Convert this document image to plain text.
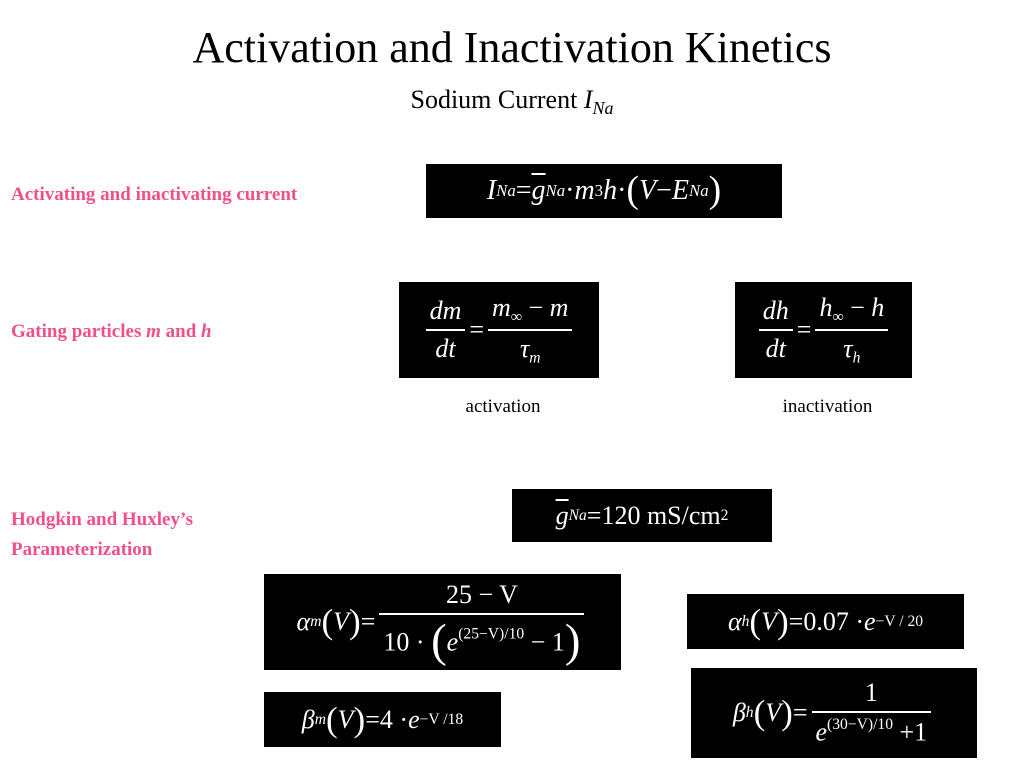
Activation and Inactivation Kinetics
Sodium Current $I_{Na}$
Activating and inactivating current
Gating particles m and h
Hodgkin and Huxley’s
Parameterization
I $Na = \overline{g}$ Na · m 3 h · ( V − E Na )
$\frac{dm}{dt} = \frac{m_\infty - m}{\tau_m}$
activation
$\frac{dh}{dt} = \frac{h_\infty - h}{\tau_h}$
inactivation
$\overline{g}$ Na = 120 mS/cm 2
α m ( V ) = $\frac{25 - V}{10 \cdot (e^{(25-V)/10} - 1)}$	α h ( V ) = 0.07 · e −V / 20
β m ( V ) = 4 · e −V /18	β h ( V ) = $\frac{1}{e^{(30-V)/10} +1}$
